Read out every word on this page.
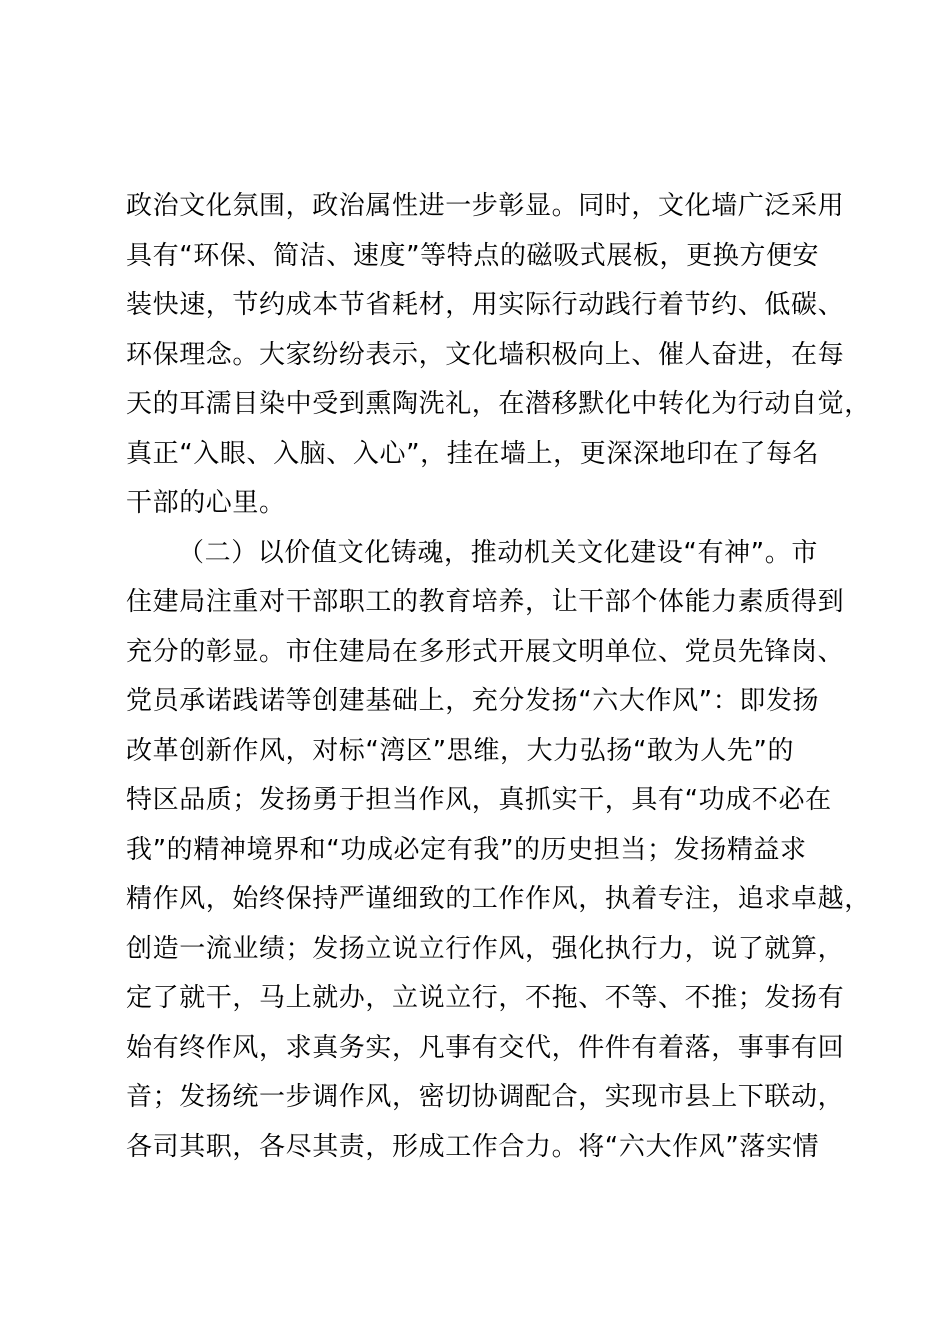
政治文化氛围，政治属性进一步彰显。同时，文化墙广泛采用
具有“环保、简洁、速度”等特点的磁吸式展板，更换方便安
装快速，节约成本节省耗材，用实际行动践行着节约、低碳、
环保理念。大家纷纷表示，文化墙积极向上、催人奋进，在每
天的耳濡目染中受到熏陶洗礼，在潜移默化中转化为行动自觉，
真正“入眼、入脑、入心”，挂在墙上，更深深地印在了每名
干部的心里。
（二）以价值文化铸魂，推动机关文化建设“有神”。市
住建局注重对干部职工的教育培养，让干部个体能力素质得到
充分的彰显。市住建局在多形式开展文明单位、党员先锋岗、
党员承诺践诺等创建基础上，充分发扬“六大作风”：即发扬
改革创新作风，对标“湾区”思维，大力弘扬“敢为人先”的
特区品质；发扬勇于担当作风，真抓实干，具有“功成不必在
我”的精神境界和“功成必定有我”的历史担当；发扬精益求
精作风，始终保持严谨细致的工作作风，执着专注，追求卓越，
创造一流业绩；发扬立说立行作风，强化执行力，说了就算，
定了就干，马上就办，立说立行，不拖、不等、不推；发扬有
始有终作风，求真务实，凡事有交代，件件有着落，事事有回
音；发扬统一步调作风，密切协调配合，实现市县上下联动，
各司其职，各尽其责，形成工作合力。将“六大作风”落实情
